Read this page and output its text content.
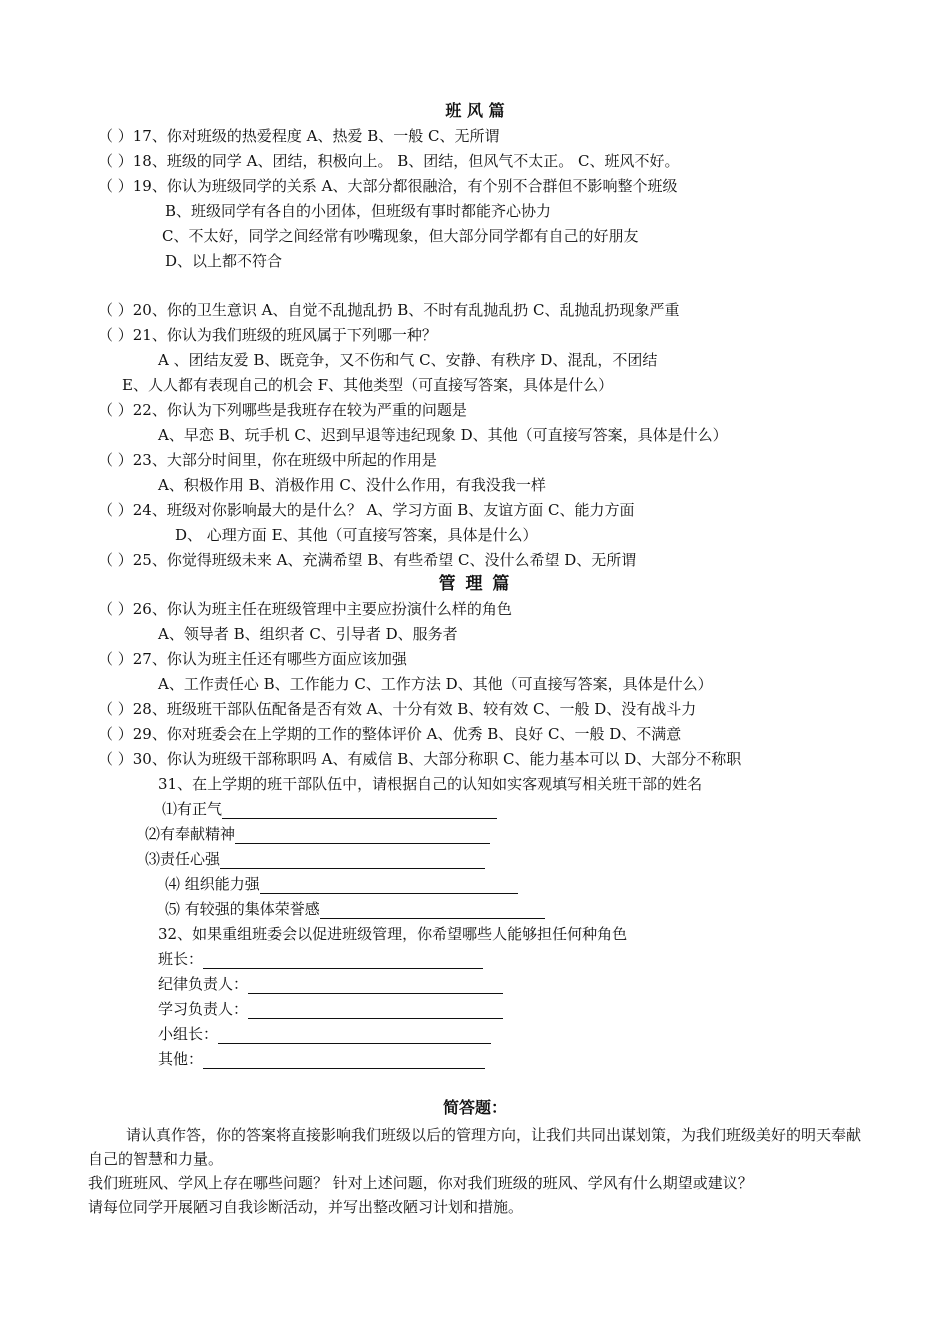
班 风 篇
（ ）17、你对班级的热爱程度 A、热爱 B、一般 C、无所谓
（ ）18、班级的同学 A、团结，积极向上。 B、团结，但风气不太正。 C、班风不好。
（ ）19、你认为班级同学的关系 A、大部分都很融洽，有个别不合群但不影响整个班级
B、班级同学有各自的小团体，但班级有事时都能齐心协力
C、不太好，同学之间经常有吵嘴现象，但大部分同学都有自己的好朋友
D、以上都不符合
（ ）20、你的卫生意识 A、自觉不乱抛乱扔 B、不时有乱抛乱扔 C、乱抛乱扔现象严重
（ ）21、你认为我们班级的班风属于下列哪一种？
A 、团结友爱 B、既竞争，又不伤和气 C、安静、有秩序 D、混乱，不团结
E、人人都有表现自己的机会 F、其他类型（可直接写答案，具体是什么）
（ ）22、你认为下列哪些是我班存在较为严重的问题是
A、早恋 B、玩手机 C、迟到早退等违纪现象 D、其他（可直接写答案，具体是什么）
（ ）23、大部分时间里，你在班级中所起的作用是
A、积极作用 B、消极作用 C、没什么作用，有我没我一样
（ ）24、班级对你影响最大的是什么？ A、学习方面 B、友谊方面 C、能力方面
D、 心理方面 E、其他（可直接写答案，具体是什么）
（ ）25、你觉得班级未来 A、充满希望 B、有些希望 C、没什么希望 D、无所谓
管 理 篇
（ ）26、你认为班主任在班级管理中主要应扮演什么样的角色
A、领导者 B、组织者 C、引导者 D、服务者
（ ）27、你认为班主任还有哪些方面应该加强
A、工作责任心 B、工作能力 C、工作方法 D、其他（可直接写答案，具体是什么）
（ ）28、班级班干部队伍配备是否有效 A、十分有效 B、较有效 C、一般 D、没有战斗力
（ ）29、你对班委会在上学期的工作的整体评价 A、优秀 B、良好 C、一般 D、不满意
（ ）30、你认为班级干部称职吗 A、有威信 B、大部分称职 C、能力基本可以 D、大部分不称职
31、在上学期的班干部队伍中，请根据自己的认知如实客观填写相关班干部的姓名
⑴有正气
⑵有奉献精神
⑶责任心强
⑷ 组织能力强
⑸ 有较强的集体荣誉感
32、如果重组班委会以促进班级管理，你希望哪些人能够担任何种角色
班长：
纪律负责人：
学习负责人：
小组长：
其他：
简答题：
请认真作答，你的答案将直接影响我们班级以后的管理方向，让我们共同出谋划策，为我们班级美好的明天奉献自己的智慧和力量。
我们班班风、学风上存在哪些问题？ 针对上述问题，你对我们班级的班风、学风有什么期望或建议？
请每位同学开展陋习自我诊断活动，并写出整改陋习计划和措施。
